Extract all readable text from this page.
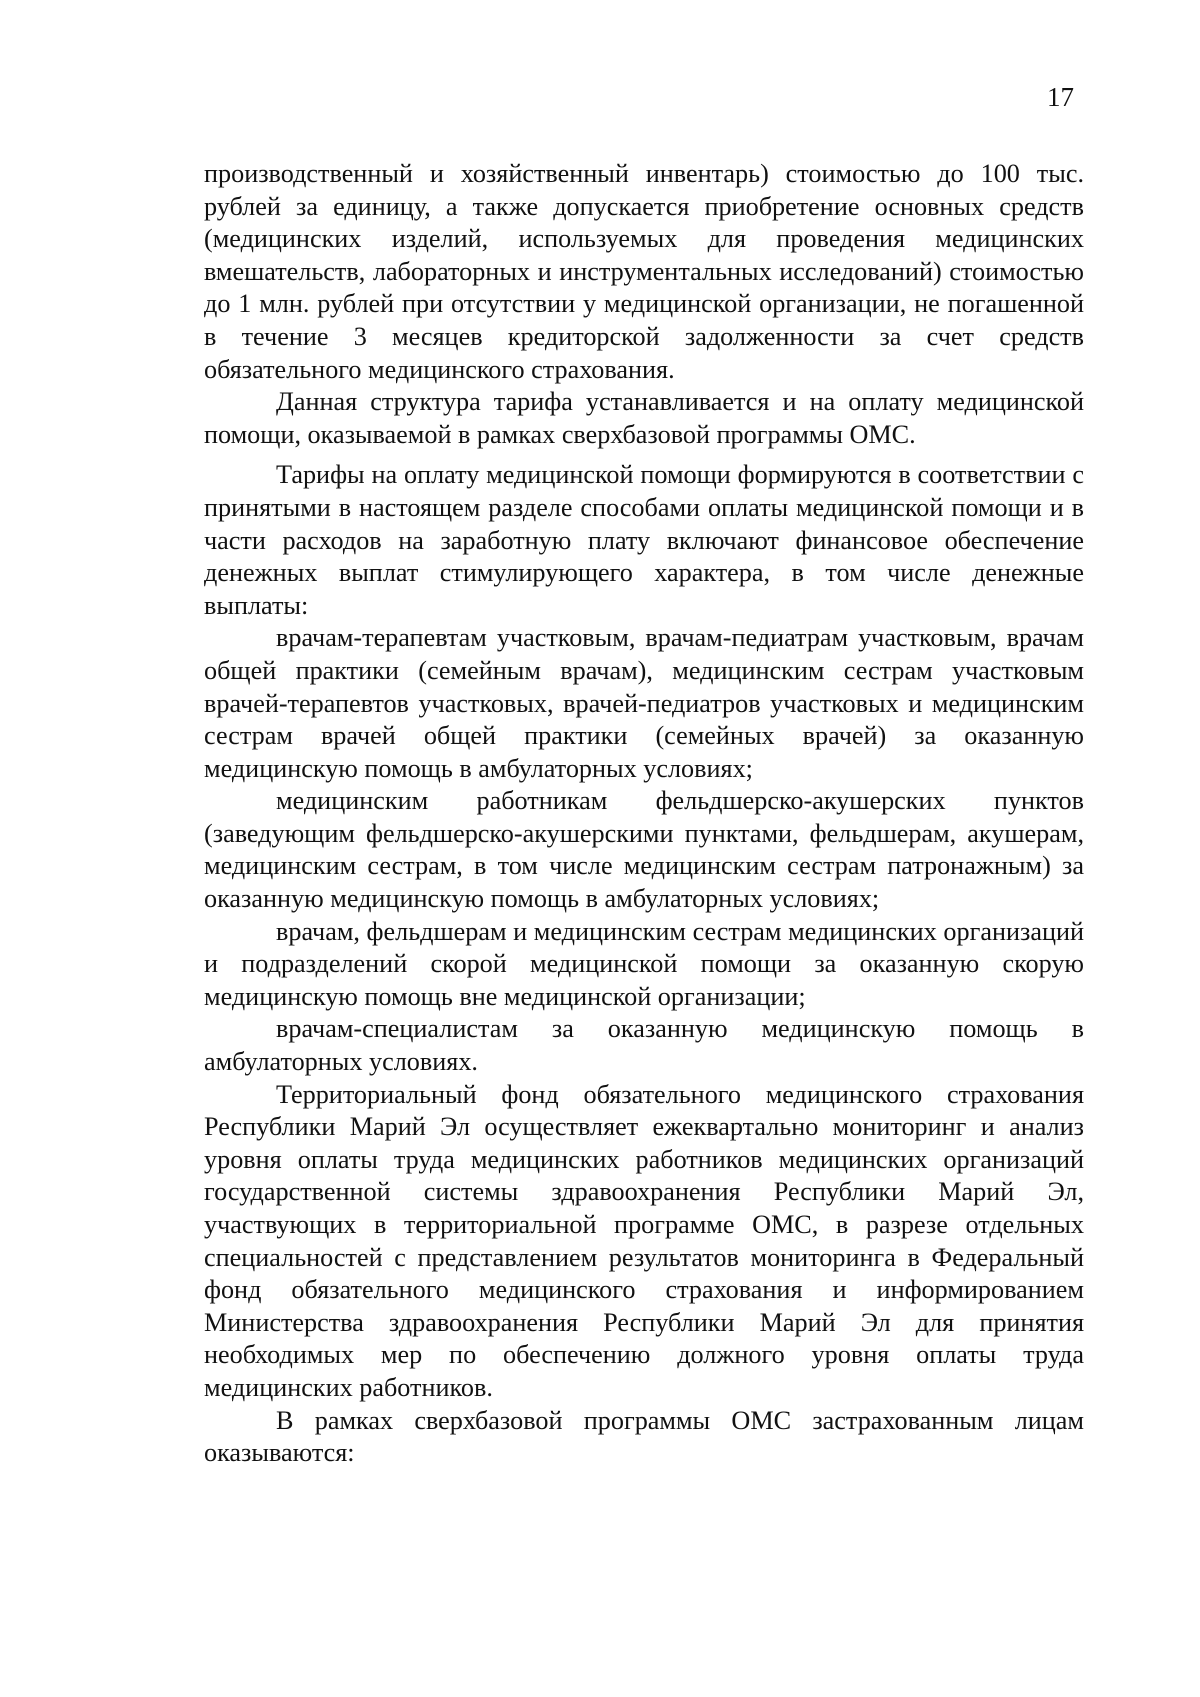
17

производственный и хозяйственный инвентарь) стоимостью до 100 тыс. рублей за единицу, а также допускается приобретение основных средств (медицинских изделий, используемых для проведения медицинских вмешательств, лабораторных и инструментальных исследований) стоимостью до 1 млн. рублей при отсутствии у медицинской организации, не погашенной в течение 3 месяцев кредиторской задолженности за счет средств обязательного медицинского страхования.

Данная структура тарифа устанавливается и на оплату медицинской помощи, оказываемой в рамках сверхбазовой программы ОМС.

Тарифы на оплату медицинской помощи формируются в соответствии с принятыми в настоящем разделе способами оплаты медицинской помощи и в части расходов на заработную плату включают финансовое обеспечение денежных выплат стимулирующего характера, в том числе денежные выплаты:

врачам-терапевтам участковым, врачам-педиатрам участковым, врачам общей практики (семейным врачам), медицинским сестрам участковым врачей-терапевтов участковых, врачей-педиатров участковых и медицинским сестрам врачей общей практики (семейных врачей) за оказанную медицинскую помощь в амбулаторных условиях;

медицинским работникам фельдшерско-акушерских пунктов (заведующим фельдшерско-акушерскими пунктами, фельдшерам, акушерам, медицинским сестрам, в том числе медицинским сестрам патронажным) за оказанную медицинскую помощь в амбулаторных условиях;

врачам, фельдшерам и медицинским сестрам медицинских организаций и подразделений скорой медицинской помощи за оказанную скорую медицинскую помощь вне медицинской организации;

врачам-специалистам за оказанную медицинскую помощь в амбулаторных условиях.

Территориальный фонд обязательного медицинского страхования Республики Марий Эл осуществляет ежеквартально мониторинг и анализ уровня оплаты труда медицинских работников медицинских организаций государственной системы здравоохранения Республики Марий Эл, участвующих в территориальной программе ОМС, в разрезе отдельных специальностей с представлением результатов мониторинга в Федеральный фонд обязательного медицинского страхования и информированием Министерства здравоохранения Республики Марий Эл для принятия необходимых мер по обеспечению должного уровня оплаты труда медицинских работников.

В рамках сверхбазовой программы ОМС застрахованным лицам оказываются:
